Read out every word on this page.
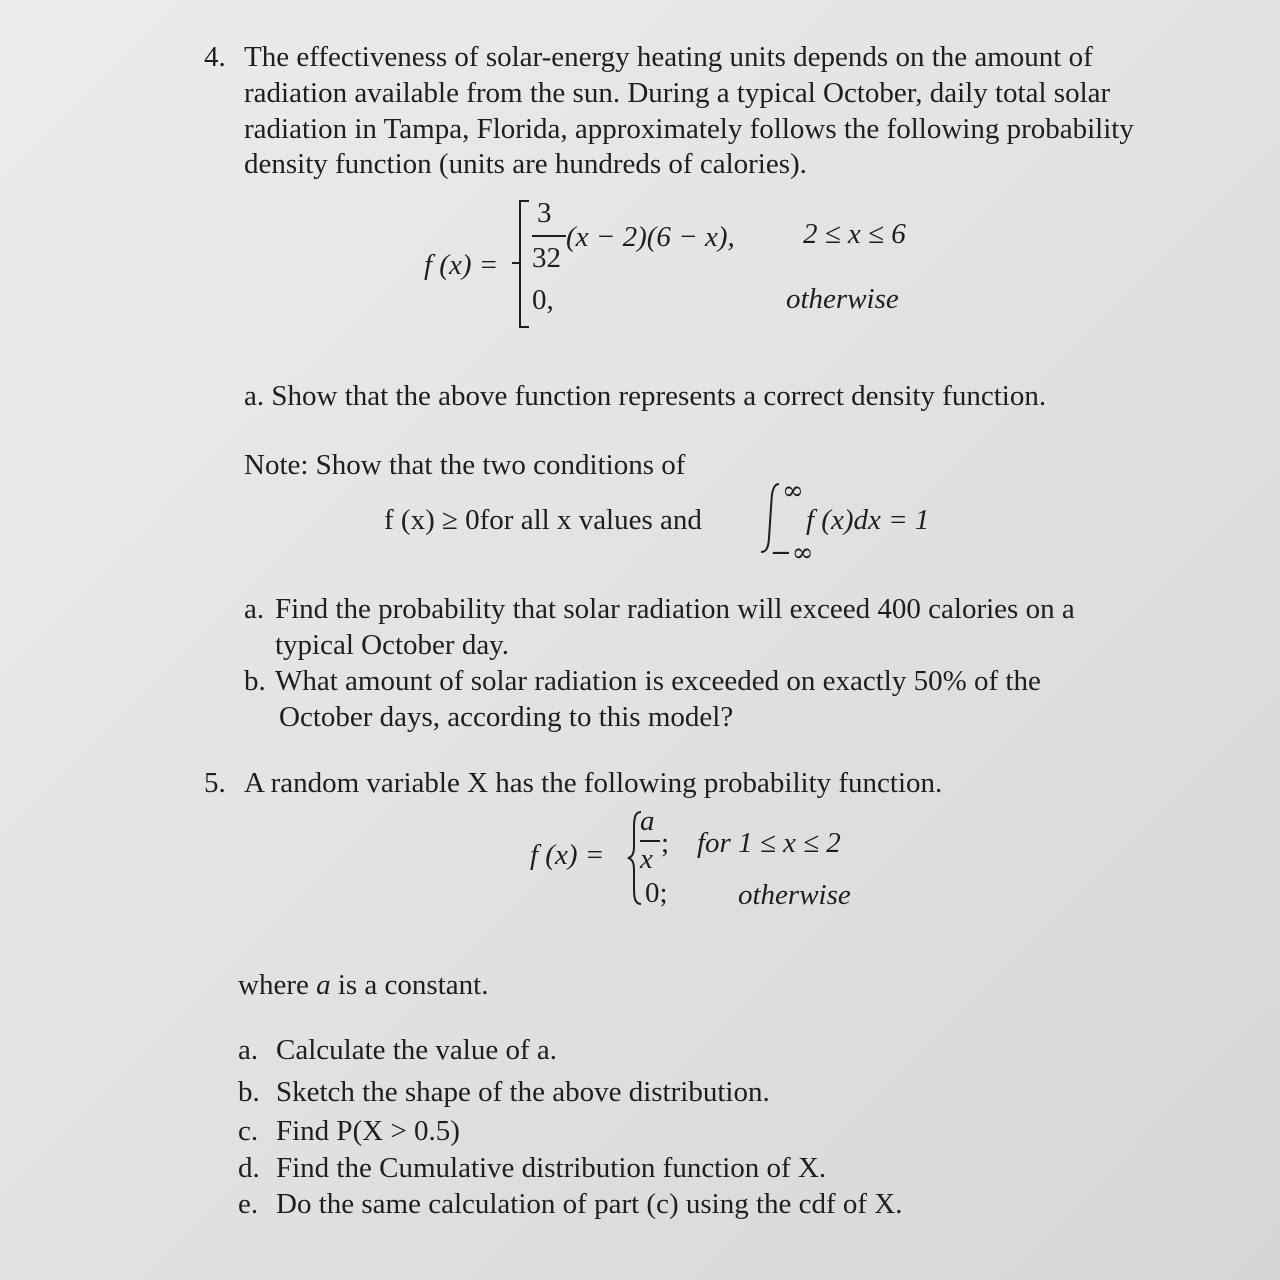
4. The effectiveness of solar-energy heating units depends on the amount of
radiation available from the sun. During a typical October, daily total solar
radiation in Tampa, Florida, approximately follows the following probability
density function (units are hundreds of calories).
f (x) =
3
32
(x − 2)(6 − x), 2 ≤ x ≤ 6
0,	otherwise
a. Show that the above function represents a correct density function.
Note: Show that the two conditions of
f (x) ≥ 0for all x values and
∞
−∞
f (x)dx = 1
a. Find the probability that solar radiation will exceed 400 calories on a
typical October day.
b. What amount of solar radiation is exceeded on exactly 50% of the
October days, according to this model?
5. A random variable X has the following probability function.
f (x) =
a
x ; for 1 ≤ x ≤ 2
0; otherwise
where a is a constant.
a. Calculate the value of a.
b. Sketch the shape of the above distribution.
c. Find P(X > 0.5)
d. Find the Cumulative distribution function of X.
e. Do the same calculation of part (c) using the cdf of X.
